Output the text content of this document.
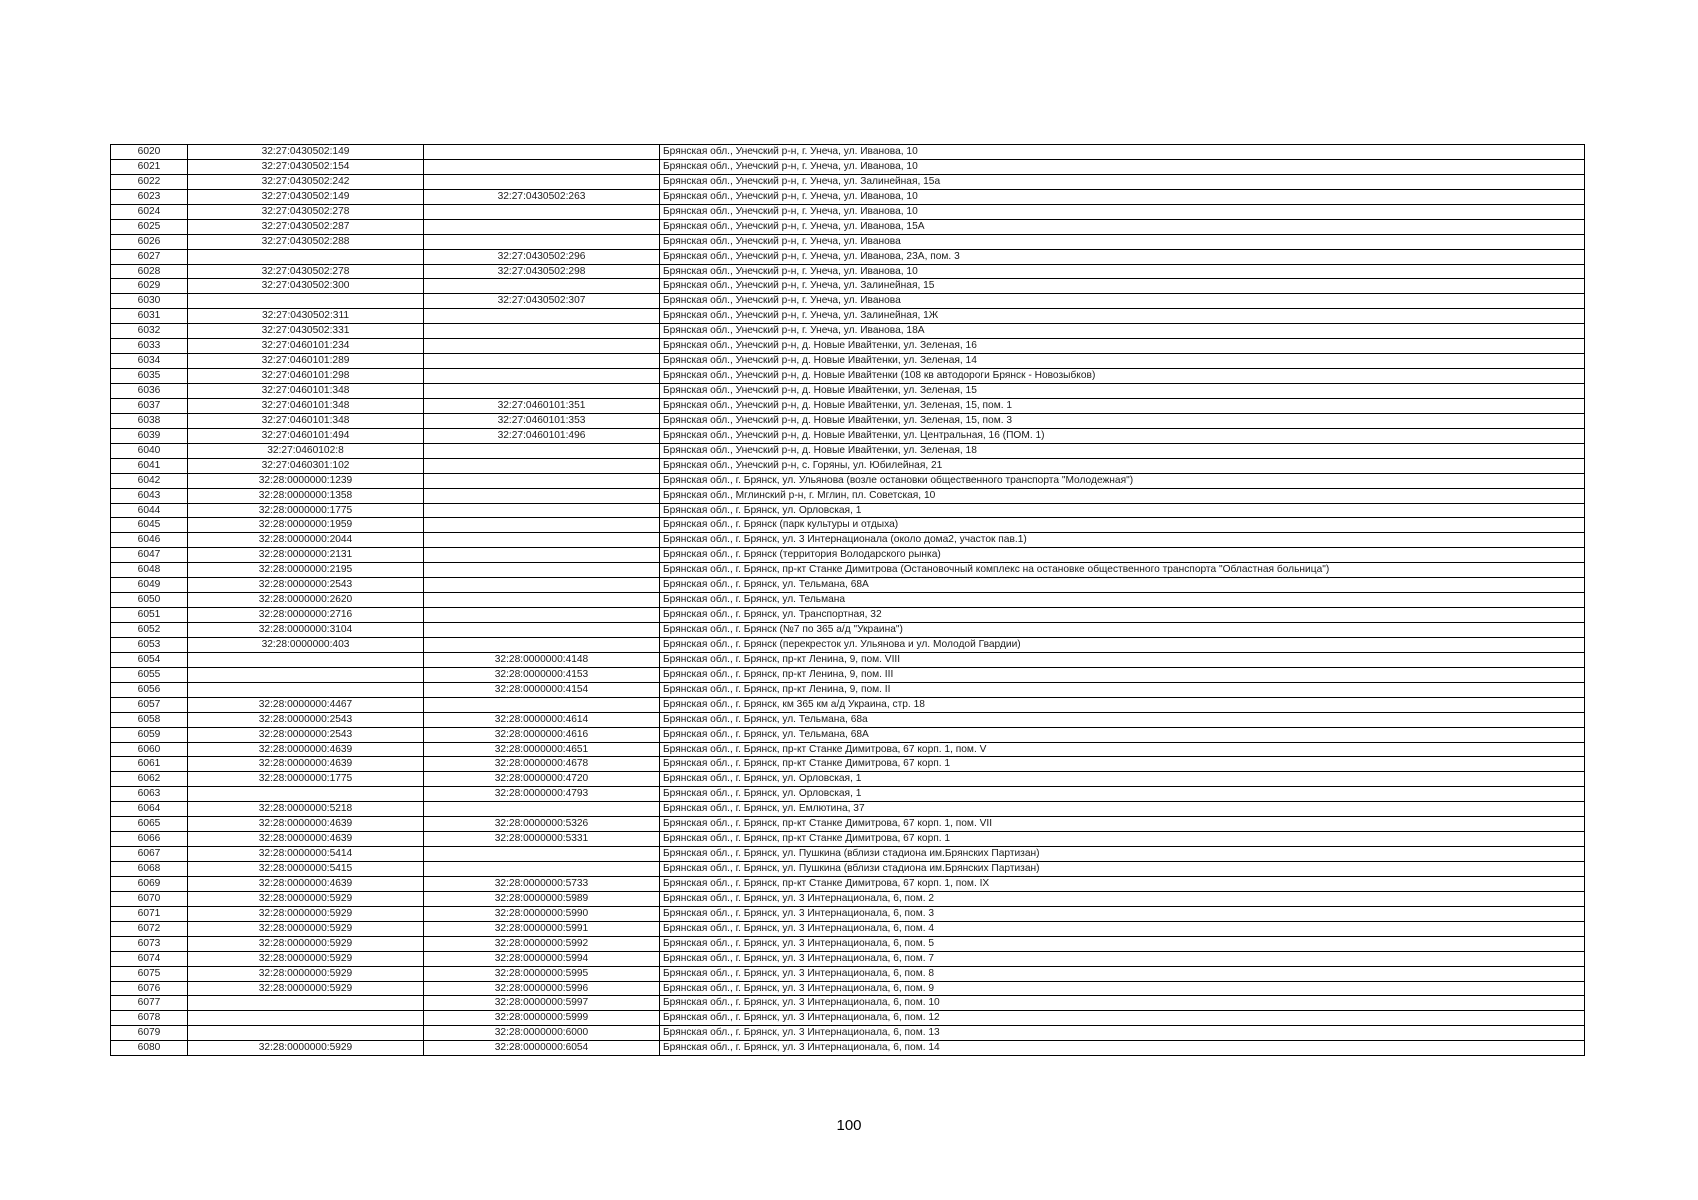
6020	32:27:0430502:149		Брянская обл., Унечский р-н, г. Унеча, ул. Иванова, 10
6021	32:27:0430502:154		Брянская обл., Унечский р-н, г. Унеча, ул. Иванова, 10
6022	32:27:0430502:242		Брянская обл., Унечский р-н, г. Унеча, ул. Залинейная, 15а
6023	32:27:0430502:149	32:27:0430502:263	Брянская обл., Унечский р-н, г. Унеча, ул. Иванова, 10
6024	32:27:0430502:278		Брянская обл., Унечский р-н, г. Унеча, ул. Иванова, 10
6025	32:27:0430502:287		Брянская обл., Унечский р-н, г. Унеча, ул. Иванова, 15А
6026	32:27:0430502:288		Брянская обл., Унечский р-н, г. Унеча, ул. Иванова
6027		32:27:0430502:296	Брянская обл., Унечский р-н, г. Унеча, ул. Иванова, 23А, пом. 3
6028	32:27:0430502:278	32:27:0430502:298	Брянская обл., Унечский р-н, г. Унеча, ул. Иванова, 10
6029	32:27:0430502:300		Брянская обл., Унечский р-н, г. Унеча, ул. Залинейная, 15
6030		32:27:0430502:307	Брянская обл., Унечский р-н, г. Унеча, ул. Иванова
6031	32:27:0430502:311		Брянская обл., Унечский р-н, г. Унеча, ул. Залинейная, 1Ж
6032	32:27:0430502:331		Брянская обл., Унечский р-н, г. Унеча, ул. Иванова, 18А
6033	32:27:0460101:234		Брянская обл., Унечский р-н, д. Новые Ивайтенки, ул. Зеленая, 16
6034	32:27:0460101:289		Брянская обл., Унечский р-н, д. Новые Ивайтенки, ул. Зеленая, 14
6035	32:27:0460101:298		Брянская обл., Унечский р-н, д. Новые Ивайтенки (108 кв автодороги Брянск - Новозыбков)
6036	32:27:0460101:348		Брянская обл., Унечский р-н, д. Новые Ивайтенки, ул. Зеленая, 15
6037	32:27:0460101:348	32:27:0460101:351	Брянская обл., Унечский р-н, д. Новые Ивайтенки, ул. Зеленая, 15, пом. 1
6038	32:27:0460101:348	32:27:0460101:353	Брянская обл., Унечский р-н, д. Новые Ивайтенки, ул. Зеленая, 15, пом. 3
6039	32:27:0460101:494	32:27:0460101:496	Брянская обл., Унечский р-н, д. Новые Ивайтенки, ул. Центральная, 16 (ПОМ. 1)
6040	32:27:0460102:8		Брянская обл., Унечский р-н, д. Новые Ивайтенки, ул. Зеленая, 18
6041	32:27:0460301:102		Брянская обл., Унечский р-н, с. Горяны, ул. Юбилейная, 21
6042	32:28:0000000:1239		Брянская обл., г. Брянск, ул. Ульянова (возле остановки общественного транспорта "Молодежная")
6043	32:28:0000000:1358		Брянская обл., Мглинский р-н, г. Мглин, пл. Советская, 10
6044	32:28:0000000:1775		Брянская обл., г. Брянск, ул. Орловская, 1
6045	32:28:0000000:1959		Брянская обл., г. Брянск (парк культуры и отдыха)
6046	32:28:0000000:2044		Брянская обл., г. Брянск, ул. 3 Интернационала (около дома2, участок пав.1)
6047	32:28:0000000:2131		Брянская обл., г. Брянск (территория Володарского рынка)
6048	32:28:0000000:2195		Брянская обл., г. Брянск, пр-кт Станке Димитрова (Остановочный комплекс на остановке общественного транспорта "Областная больница")
6049	32:28:0000000:2543		Брянская обл., г. Брянск, ул. Тельмана, 68А
6050	32:28:0000000:2620		Брянская обл., г. Брянск, ул. Тельмана
6051	32:28:0000000:2716		Брянская обл., г. Брянск, ул. Транспортная, 32
6052	32:28:0000000:3104		Брянская обл., г. Брянск (№7 по 365 а/д "Украина")
6053	32:28:0000000:403		Брянская обл., г. Брянск (перекресток ул. Ульянова и ул. Молодой Гвардии)
6054		32:28:0000000:4148	Брянская обл., г. Брянск, пр-кт Ленина, 9, пом. VIII
6055		32:28:0000000:4153	Брянская обл., г. Брянск, пр-кт Ленина, 9, пом. III
6056		32:28:0000000:4154	Брянская обл., г. Брянск, пр-кт Ленина, 9, пом. II
6057	32:28:0000000:4467		Брянская обл., г. Брянск, км 365 км а/д Украина, стр. 18
6058	32:28:0000000:2543	32:28:0000000:4614	Брянская обл., г. Брянск, ул. Тельмана, 68а
6059	32:28:0000000:2543	32:28:0000000:4616	Брянская обл., г. Брянск, ул. Тельмана, 68А
6060	32:28:0000000:4639	32:28:0000000:4651	Брянская обл., г. Брянск, пр-кт Станке Димитрова, 67 корп. 1, пом. V
6061	32:28:0000000:4639	32:28:0000000:4678	Брянская обл., г. Брянск, пр-кт Станке Димитрова, 67 корп. 1
6062	32:28:0000000:1775	32:28:0000000:4720	Брянская обл., г. Брянск, ул. Орловская, 1
6063		32:28:0000000:4793	Брянская обл., г. Брянск, ул. Орловская, 1
6064	32:28:0000000:5218		Брянская обл., г. Брянск, ул. Емлютина, 37
6065	32:28:0000000:4639	32:28:0000000:5326	Брянская обл., г. Брянск, пр-кт Станке Димитрова, 67 корп. 1, пом. VII
6066	32:28:0000000:4639	32:28:0000000:5331	Брянская обл., г. Брянск, пр-кт Станке Димитрова, 67 корп. 1
6067	32:28:0000000:5414		Брянская обл., г. Брянск, ул. Пушкина (вблизи стадиона им.Брянских Партизан)
6068	32:28:0000000:5415		Брянская обл., г. Брянск, ул. Пушкина (вблизи стадиона им.Брянских Партизан)
6069	32:28:0000000:4639	32:28:0000000:5733	Брянская обл., г. Брянск, пр-кт Станке Димитрова, 67 корп. 1, пом. IX
6070	32:28:0000000:5929	32:28:0000000:5989	Брянская обл., г. Брянск, ул. 3 Интернационала, 6, пом. 2
6071	32:28:0000000:5929	32:28:0000000:5990	Брянская обл., г. Брянск, ул. 3 Интернационала, 6, пом. 3
6072	32:28:0000000:5929	32:28:0000000:5991	Брянская обл., г. Брянск, ул. 3 Интернационала, 6, пом. 4
6073	32:28:0000000:5929	32:28:0000000:5992	Брянская обл., г. Брянск, ул. 3 Интернационала, 6, пом. 5
6074	32:28:0000000:5929	32:28:0000000:5994	Брянская обл., г. Брянск, ул. 3 Интернационала, 6, пом. 7
6075	32:28:0000000:5929	32:28:0000000:5995	Брянская обл., г. Брянск, ул. 3 Интернационала, 6, пом. 8
6076	32:28:0000000:5929	32:28:0000000:5996	Брянская обл., г. Брянск, ул. 3 Интернационала, 6, пом. 9
6077		32:28:0000000:5997	Брянская обл., г. Брянск, ул. 3 Интернационала, 6, пом. 10
6078		32:28:0000000:5999	Брянская обл., г. Брянск, ул. 3 Интернационала, 6, пом. 12
6079		32:28:0000000:6000	Брянская обл., г. Брянск, ул. 3 Интернационала, 6, пом. 13
6080	32:28:0000000:5929	32:28:0000000:6054	Брянская обл., г. Брянск, ул. 3 Интернационала, 6, пом. 14
100
